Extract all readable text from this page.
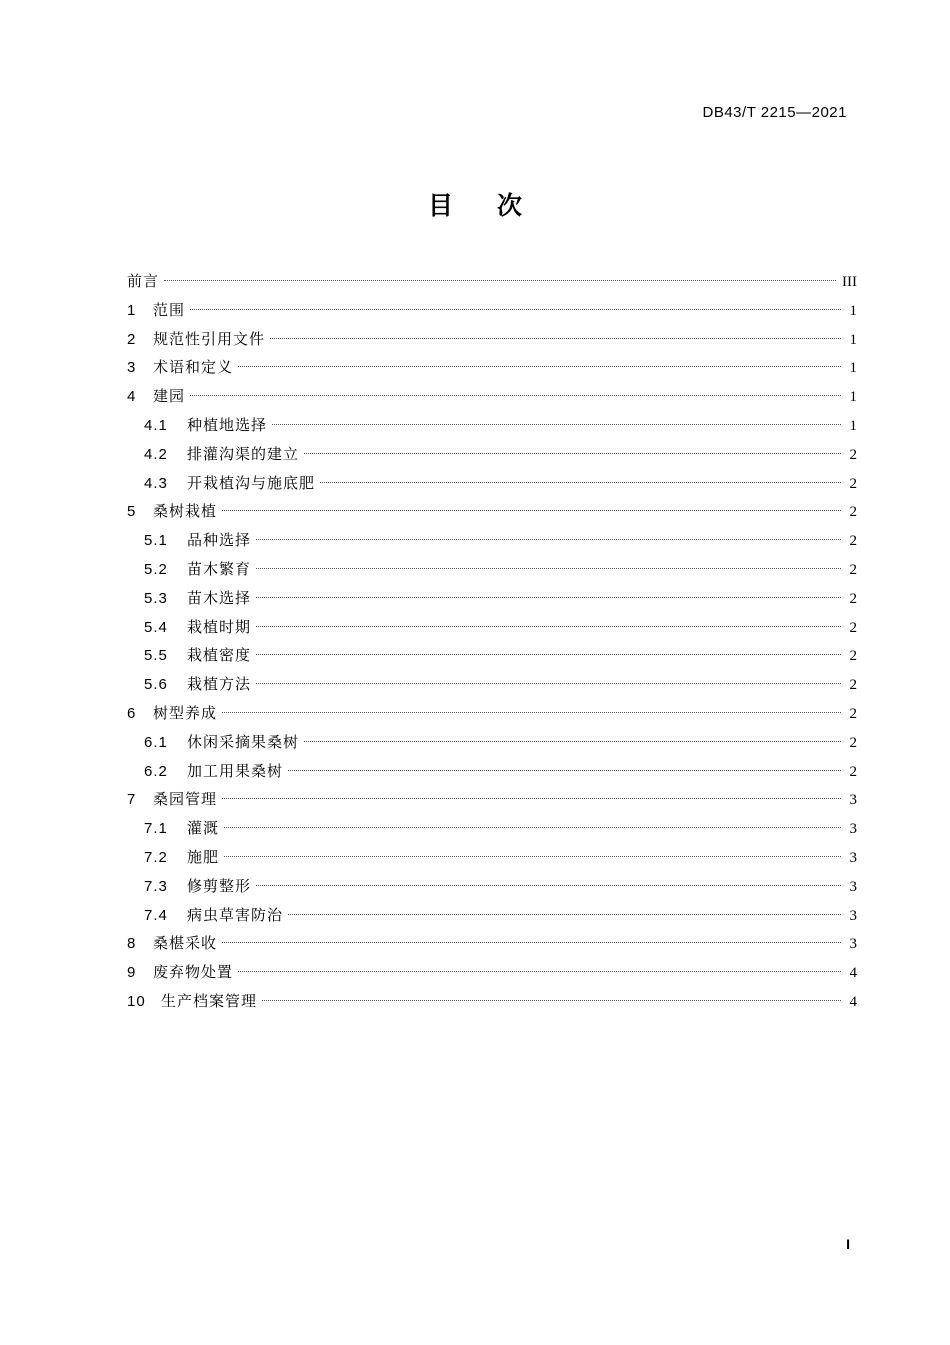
DB43/T 2215—2021
目次
前言	III
1	范围	1
2	规范性引用文件	1
3	术语和定义	1
4	建园	1
4.1	种植地选择	1
4.2	排灌沟渠的建立	2
4.3	开栽植沟与施底肥	2
5	桑树栽植	2
5.1	品种选择	2
5.2	苗木繁育	2
5.3	苗木选择	2
5.4	栽植时期	2
5.5	栽植密度	2
5.6	栽植方法	2
6	树型养成	2
6.1	休闲采摘果桑树	2
6.2	加工用果桑树	2
7	桑园管理	3
7.1	灌溉	3
7.2	施肥	3
7.3	修剪整形	3
7.4	病虫草害防治	3
8	桑椹采收	3
9	废弃物处置	4
10	生产档案管理	4
I
